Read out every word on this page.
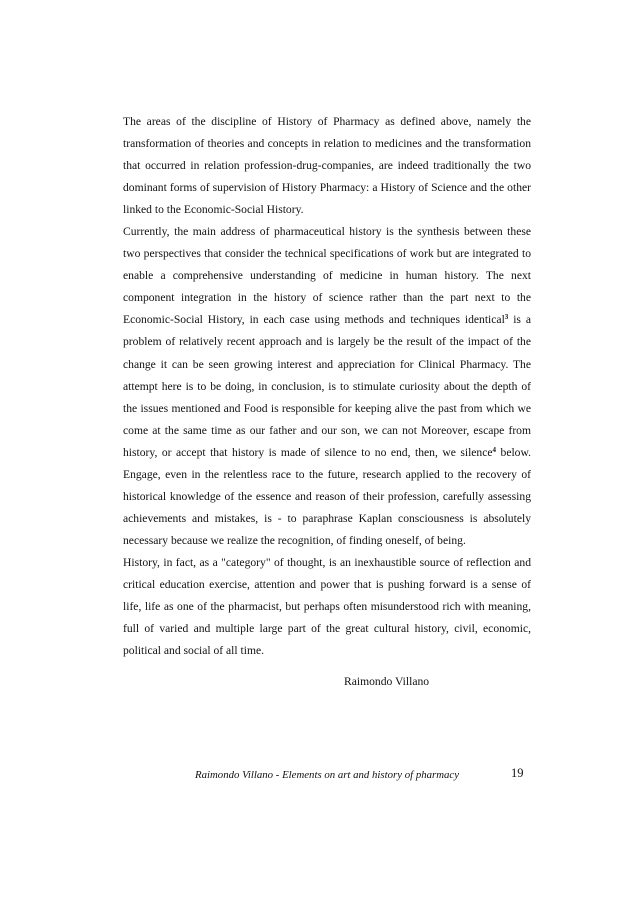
The areas of the discipline of History of Pharmacy as defined above, namely the transformation of theories and concepts in relation to medicines and the transformation that occurred in relation profession-drug-companies, are indeed traditionally the two dominant forms of supervision of History Pharmacy: a History of Science and the other linked to the Economic-Social History.

Currently, the main address of pharmaceutical history is the synthesis between these two perspectives that consider the technical specifications of work but are integrated to enable a comprehensive understanding of medicine in human history. The next component integration in the history of science rather than the part next to the Economic-Social History, in each case using methods and techniques identical$^3$ is a problem of relatively recent approach and is largely be the result of the impact of the change it can be seen growing interest and appreciation for Clinical Pharmacy. The attempt here is to be doing, in conclusion, is to stimulate curiosity about the depth of the issues mentioned and Food is responsible for keeping alive the past from which we come at the same time as our father and our son, we can not Moreover, escape from history, or accept that history is made of silence to no end, then, we silence$^4$ below. Engage, even in the relentless race to the future, research applied to the recovery of historical knowledge of the essence and reason of their profession, carefully assessing achievements and mistakes, is - to paraphrase Kaplan consciousness is absolutely necessary because we realize the recognition, of finding oneself, of being.

History, in fact, as a "category" of thought, is an inexhaustible source of reflection and critical education exercise, attention and power that is pushing forward is a sense of life, life as one of the pharmacist, but perhaps often misunderstood rich with meaning, full of varied and multiple large part of the great cultural history, civil, economic, political and social of all time.

Raimondo Villano
Raimondo Villano - Elements on art and history of pharmacy	19
